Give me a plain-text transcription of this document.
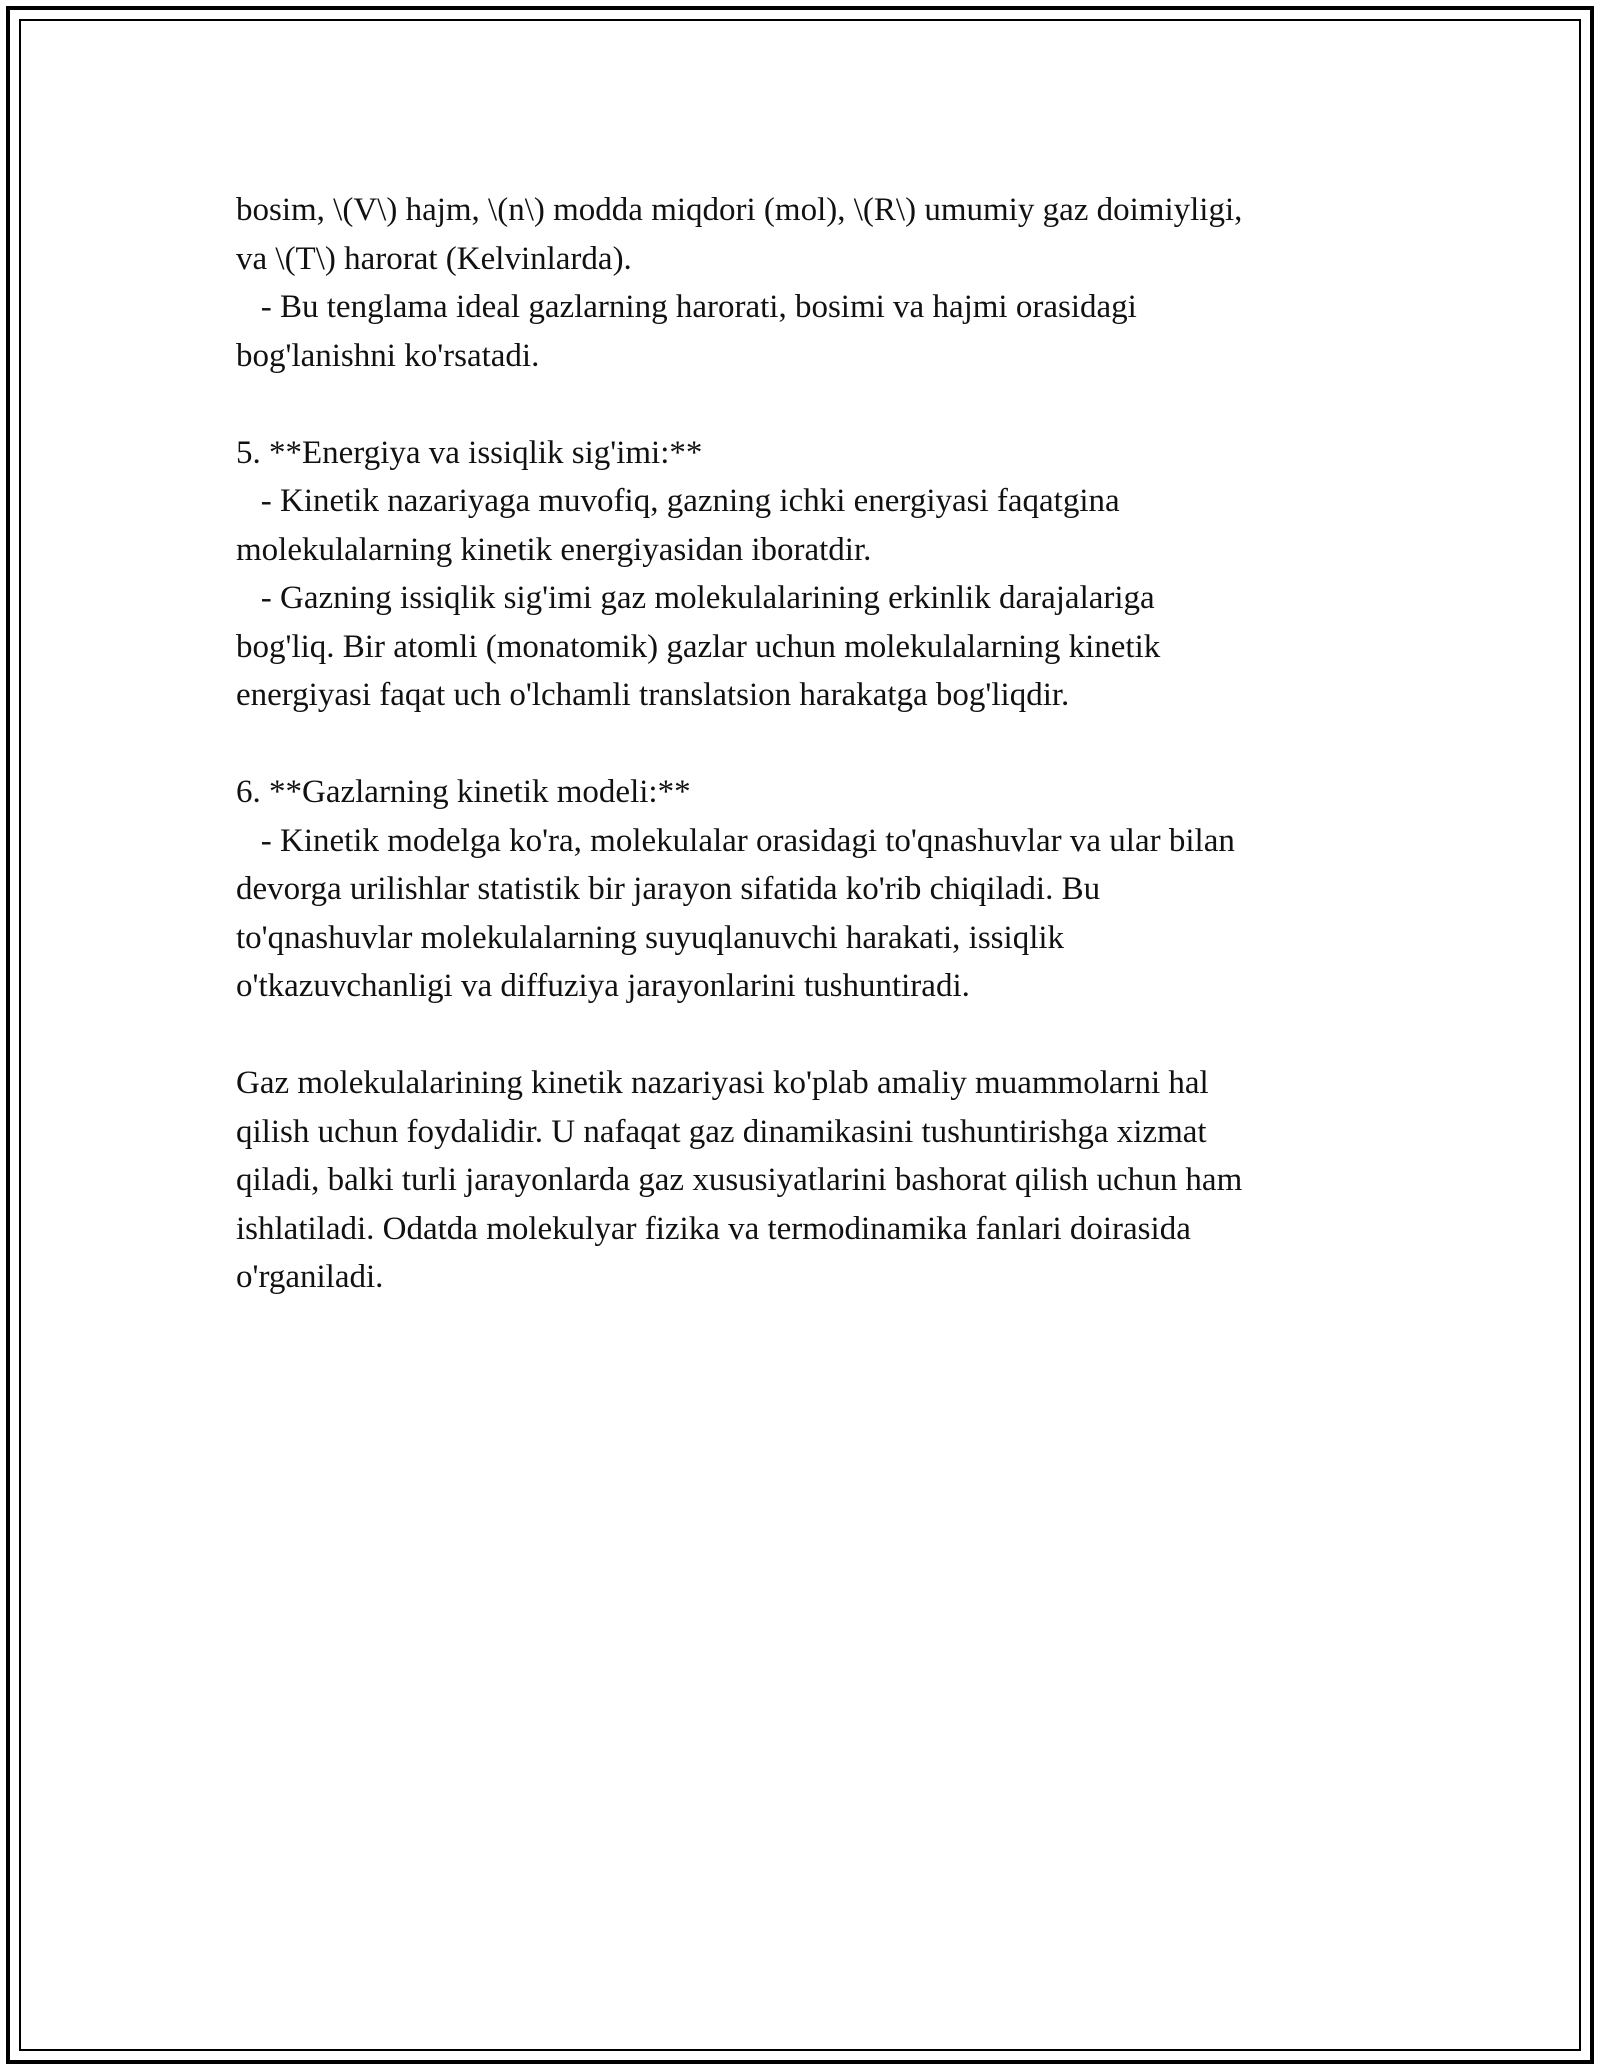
bosim, \(V\) hajm, \(n\) modda miqdori (mol), \(R\) umumiy gaz doimiyligi,
va \(T\) harorat (Kelvinlarda).
- Bu tenglama ideal gazlarning harorati, bosimi va hajmi orasidagi
bog'lanishni ko'rsatadi.
5. **Energiya va issiqlik sig'imi:**
- Kinetik nazariyaga muvofiq, gazning ichki energiyasi faqatgina
molekulalarning kinetik energiyasidan iboratdir.
- Gazning issiqlik sig'imi gaz molekulalarining erkinlik darajalariga
bog'liq. Bir atomli (monatomik) gazlar uchun molekulalarning kinetik
energiyasi faqat uch o'lchamli translatsion harakatga bog'liqdir.
6. **Gazlarning kinetik modeli:**
- Kinetik modelga ko'ra, molekulalar orasidagi to'qnashuvlar va ular bilan
devorga urilishlar statistik bir jarayon sifatida ko'rib chiqiladi. Bu
to'qnashuvlar molekulalarning suyuqlanuvchi harakati, issiqlik
o'tkazuvchanligi va diffuziya jarayonlarini tushuntiradi.
Gaz molekulalarining kinetik nazariyasi ko'plab amaliy muammolarni hal
qilish uchun foydalidir. U nafaqat gaz dinamikasini tushuntirishga xizmat
qiladi, balki turli jarayonlarda gaz xususiyatlarini bashorat qilish uchun ham
ishlatiladi. Odatda molekulyar fizika va termodinamika fanlari doirasida
o'rganiladi.
